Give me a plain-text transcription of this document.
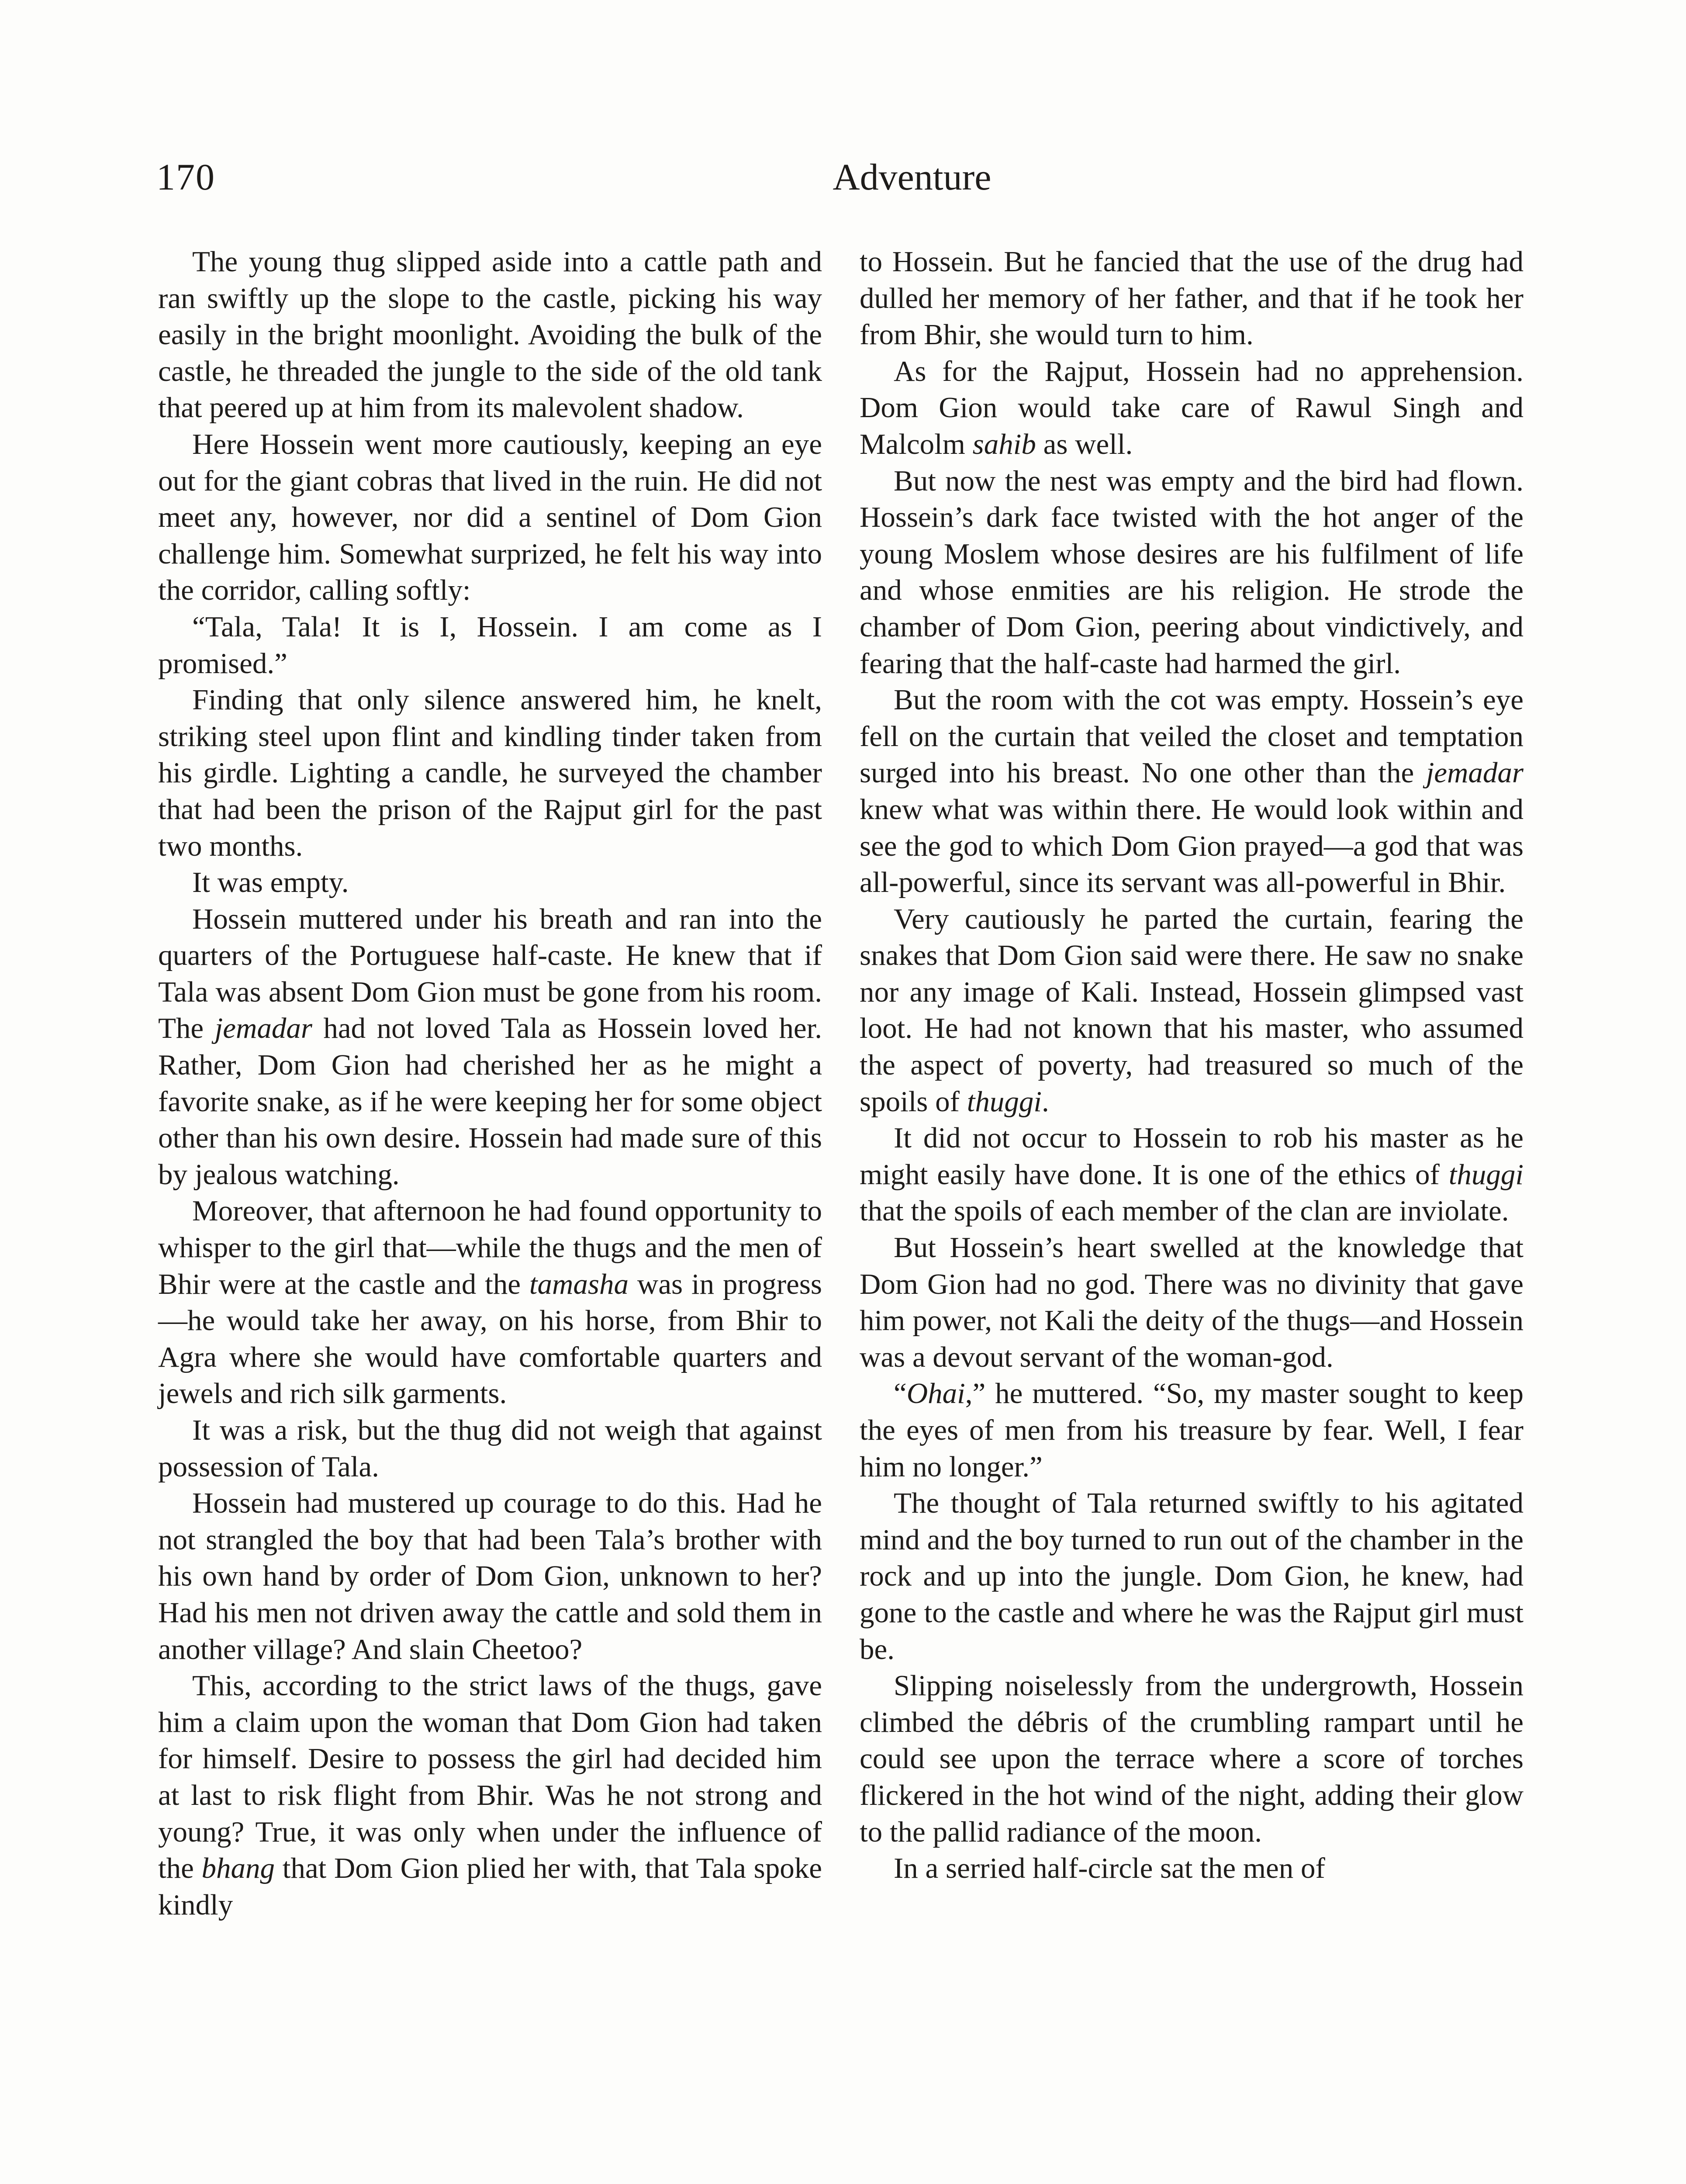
170	Adventure

The young thug slipped aside into a cattle path and ran swiftly up the slope to the castle, picking his way easily in the bright moonlight. Avoiding the bulk of the castle, he threaded the jungle to the side of the old tank that peered up at him from its malevolent shadow.

Here Hossein went more cautiously, keeping an eye out for the giant cobras that lived in the ruin. He did not meet any, however, nor did a sentinel of Dom Gion challenge him. Somewhat surprized, he felt his way into the corridor, calling softly:

“Tala, Tala! It is I, Hossein. I am come as I promised.”

Finding that only silence answered him, he knelt, striking steel upon flint and kindling tinder taken from his girdle. Lighting a candle, he surveyed the chamber that had been the prison of the Rajput girl for the past two months.

It was empty.

Hossein muttered under his breath and ran into the quarters of the Portuguese half-caste. He knew that if Tala was absent Dom Gion must be gone from his room. The jemadar had not loved Tala as Hossein loved her. Rather, Dom Gion had cherished her as he might a favorite snake, as if he were keeping her for some object other than his own desire. Hossein had made sure of this by jealous watching.

Moreover, that afternoon he had found opportunity to whisper to the girl that—while the thugs and the men of Bhir were at the castle and the tamasha was in progress —he would take her away, on his horse, from Bhir to Agra where she would have comfortable quarters and jewels and rich silk garments.

It was a risk, but the thug did not weigh that against possession of Tala.

Hossein had mustered up courage to do this. Had he not strangled the boy that had been Tala’s brother with his own hand by order of Dom Gion, unknown to her? Had his men not driven away the cattle and sold them in another village? And slain Cheetoo?

This, according to the strict laws of the thugs, gave him a claim upon the woman that Dom Gion had taken for himself. Desire to possess the girl had decided him at last to risk flight from Bhir. Was he not strong and young? True, it was only when under the influence of the bhang that Dom Gion plied her with, that Tala spoke kindly

to Hossein. But he fancied that the use of the drug had dulled her memory of her father, and that if he took her from Bhir, she would turn to him.

As for the Rajput, Hossein had no apprehension. Dom Gion would take care of Rawul Singh and Malcolm sahib as well.

But now the nest was empty and the bird had flown. Hossein’s dark face twisted with the hot anger of the young Moslem whose desires are his fulfilment of life and whose enmities are his religion. He strode the chamber of Dom Gion, peering about vindictively, and fearing that the half-caste had harmed the girl.

But the room with the cot was empty. Hossein’s eye fell on the curtain that veiled the closet and temptation surged into his breast. No one other than the jemadar knew what was within there. He would look within and see the god to which Dom Gion prayed—a god that was all-powerful, since its servant was all-powerful in Bhir.

Very cautiously he parted the curtain, fearing the snakes that Dom Gion said were there. He saw no snake nor any image of Kali. Instead, Hossein glimpsed vast loot. He had not known that his master, who assumed the aspect of poverty, had treasured so much of the spoils of thuggi.

It did not occur to Hossein to rob his master as he might easily have done. It is one of the ethics of thuggi that the spoils of each member of the clan are inviolate.

But Hossein’s heart swelled at the knowledge that Dom Gion had no god. There was no divinity that gave him power, not Kali the deity of the thugs—and Hossein was a devout servant of the woman-god.

“Ohai,” he muttered. “So, my master sought to keep the eyes of men from his treasure by fear. Well, I fear him no longer.”

The thought of Tala returned swiftly to his agitated mind and the boy turned to run out of the chamber in the rock and up into the jungle. Dom Gion, he knew, had gone to the castle and where he was the Rajput girl must be.

Slipping noiselessly from the undergrowth, Hossein climbed the débris of the crumbling rampart until he could see upon the terrace where a score of torches flickered in the hot wind of the night, adding their glow to the pallid radiance of the moon.

In a serried half-circle sat the men of
